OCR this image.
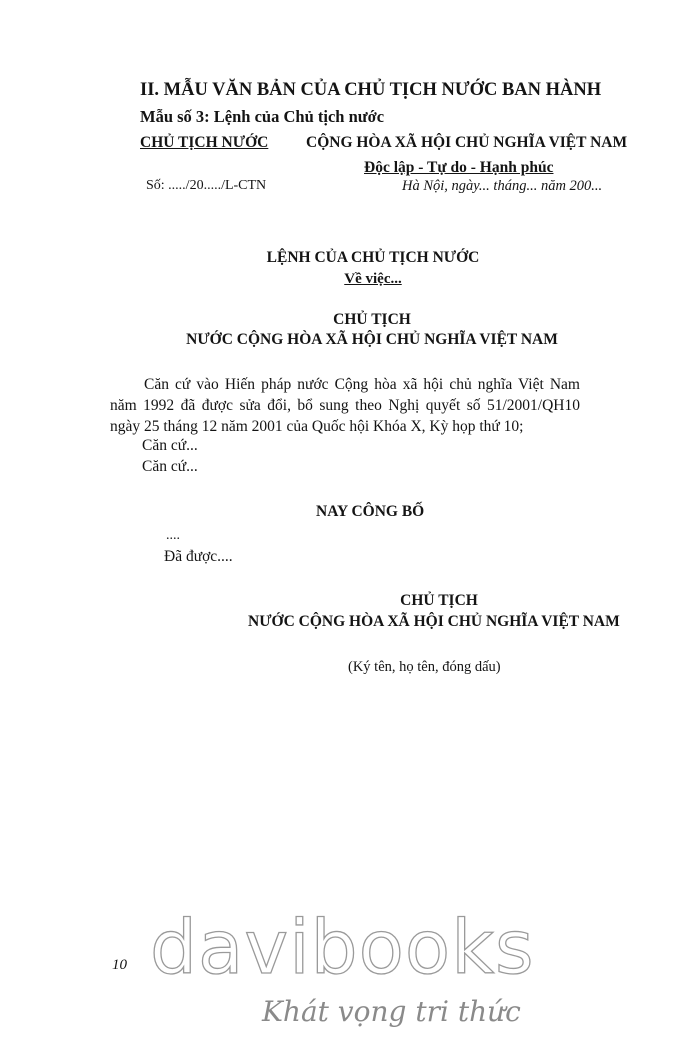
II. MẪU VĂN BẢN CỦA CHỦ TỊCH NƯỚC BAN HÀNH
Mẫu số 3: Lệnh của Chủ tịch nước
CHỦ TỊCH NƯỚC CỘNG HÒA XÃ HỘI CHỦ NGHĨA VIỆT NAM
Độc lập - Tự do - Hạnh phúc
Số: ...../20...../L-CTN	Hà Nội, ngày... tháng... năm 200...
LỆNH CỦA CHỦ TỊCH NƯỚC
Về việc...
CHỦ TỊCH
NƯỚC CỘNG HÒA XÃ HỘI CHỦ NGHĨA VIỆT NAM
Căn cứ vào Hiến pháp nước Cộng hòa xã hội chủ nghĩa Việt Nam năm 1992 đã được sửa đổi, bổ sung theo Nghị quyết số 51/2001/QH10 ngày 25 tháng 12 năm 2001 của Quốc hội Khóa X, Kỳ họp thứ 10;
Căn cứ...
Căn cứ...
NAY CÔNG BỐ
....
Đã được....
CHỦ TỊCH
NƯỚC CỘNG HÒA XÃ HỘI CHỦ NGHĨA VIỆT NAM
(Ký tên, họ tên, đóng dấu)
10 davibooks
Khát vọng tri thức
